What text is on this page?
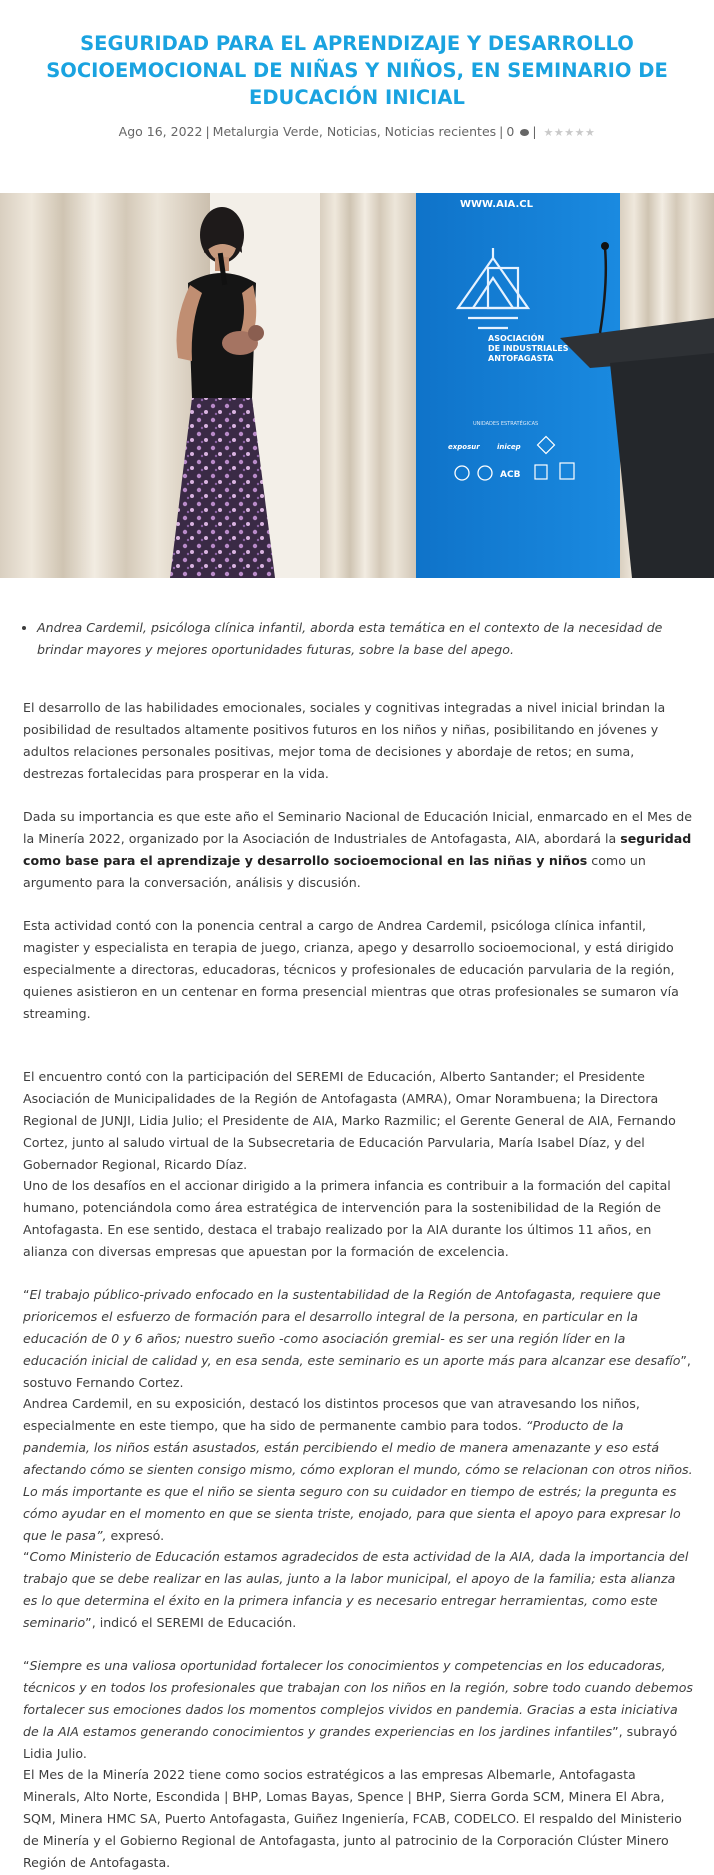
SEGURIDAD PARA EL APRENDIZAJE Y DESARROLLO SOCIOEMOCIONAL DE NIÑAS Y NIÑOS, EN SEMINARIO DE EDUCACIÓN INICIAL
Ago 16, 2022 | Metalurgia Verde, Noticias, Noticias recientes | 0 | ★★★★★
WWW.AIA.CL
ASOCIACIÓN
DE INDUSTRIALES
ANTOFAGASTA
UNIDADES ESTRATÉGICAS
exposur inicep
ACB
• Andrea Cardemil, psicóloga clínica infantil, aborda esta temática en el contexto de la necesidad de brindar mayores y mejores oportunidades futuras, sobre la base del apego.

El desarrollo de las habilidades emocionales, sociales y cognitivas integradas a nivel inicial brindan la posibilidad de resultados altamente positivos futuros en los niños y niñas, posibilitando en jóvenes y adultos relaciones personales positivas, mejor toma de decisiones y abordaje de retos; en suma, destrezas fortalecidas para prosperar en la vida.

Dada su importancia es que este año el Seminario Nacional de Educación Inicial, enmarcado en el Mes de la Minería 2022, organizado por la Asociación de Industriales de Antofagasta, AIA, abordará la seguridad como base para el aprendizaje y desarrollo socioemocional en las niñas y niños como un argumento para la conversación, análisis y discusión.

Esta actividad contó con la ponencia central a cargo de Andrea Cardemil, psicóloga clínica infantil, magister y especialista en terapia de juego, crianza, apego y desarrollo socioemocional, y está dirigido especialmente a directoras, educadoras, técnicos y profesionales de educación parvularia de la región, quienes asistieron en un centenar en forma presencial mientras que otras profesionales se sumaron vía streaming.

El encuentro contó con la participación del SEREMI de Educación, Alberto Santander; el Presidente Asociación de Municipalidades de la Región de Antofagasta (AMRA), Omar Norambuena; la Directora Regional de JUNJI, Lidia Julio; el Presidente de AIA, Marko Razmilic; el Gerente General de AIA, Fernando Cortez, junto al saludo virtual de la Subsecretaria de Educación Parvularia, María Isabel Díaz, y del Gobernador Regional, Ricardo Díaz.

Uno de los desafíos en el accionar dirigido a la primera infancia es contribuir a la formación del capital humano, potenciándola como área estratégica de intervención para la sostenibilidad de la Región de Antofagasta. En ese sentido, destaca el trabajo realizado por la AIA durante los últimos 11 años, en alianza con diversas empresas que apuestan por la formación de excelencia.

“El trabajo público-privado enfocado en la sustentabilidad de la Región de Antofagasta, requiere que prioricemos el esfuerzo de formación para el desarrollo integral de la persona, en particular en la educación de 0 y 6 años; nuestro sueño -como asociación gremial- es ser una región líder en la educación inicial de calidad y, en esa senda, este seminario es un aporte más para alcanzar ese desafío”, sostuvo Fernando Cortez.

Andrea Cardemil, en su exposición, destacó los distintos procesos que van atravesando los niños, especialmente en este tiempo, que ha sido de permanente cambio para todos. “Producto de la pandemia, los niños están asustados, están percibiendo el medio de manera amenazante y eso está afectando cómo se sienten consigo mismo, cómo exploran el mundo, cómo se relacionan con otros niños. Lo más importante es que el niño se sienta seguro con su cuidador en tiempo de estrés; la pregunta es cómo ayudar en el momento en que se sienta triste, enojado, para que sienta el apoyo para expresar lo que le pasa”, expresó.

“Como Ministerio de Educación estamos agradecidos de esta actividad de la AIA, dada la importancia del trabajo que se debe realizar en las aulas, junto a la labor municipal, el apoyo de la familia; esta alianza es lo que determina el éxito en la primera infancia y es necesario entregar herramientas, como este seminario”, indicó el SEREMI de Educación.

“Siempre es una valiosa oportunidad fortalecer los conocimientos y competencias en los educadoras, técnicos y en todos los profesionales que trabajan con los niños en la región, sobre todo cuando debemos fortalecer sus emociones dados los momentos complejos vividos en pandemia. Gracias a esta iniciativa de la AIA estamos generando conocimientos y grandes experiencias en los jardines infantiles”, subrayó Lidia Julio.

El Mes de la Minería 2022 tiene como socios estratégicos a las empresas Albemarle, Antofagasta Minerals, Alto Norte, Escondida | BHP, Lomas Bayas, Spence | BHP, Sierra Gorda SCM, Minera El Abra, SQM, Minera HMC SA, Puerto Antofagasta, Guiñez Ingeniería, FCAB, CODELCO. El respaldo del Ministerio de Minería y el Gobierno Regional de Antofagasta, junto al patrocinio de la Corporación Clúster Minero Región de Antofagasta.
